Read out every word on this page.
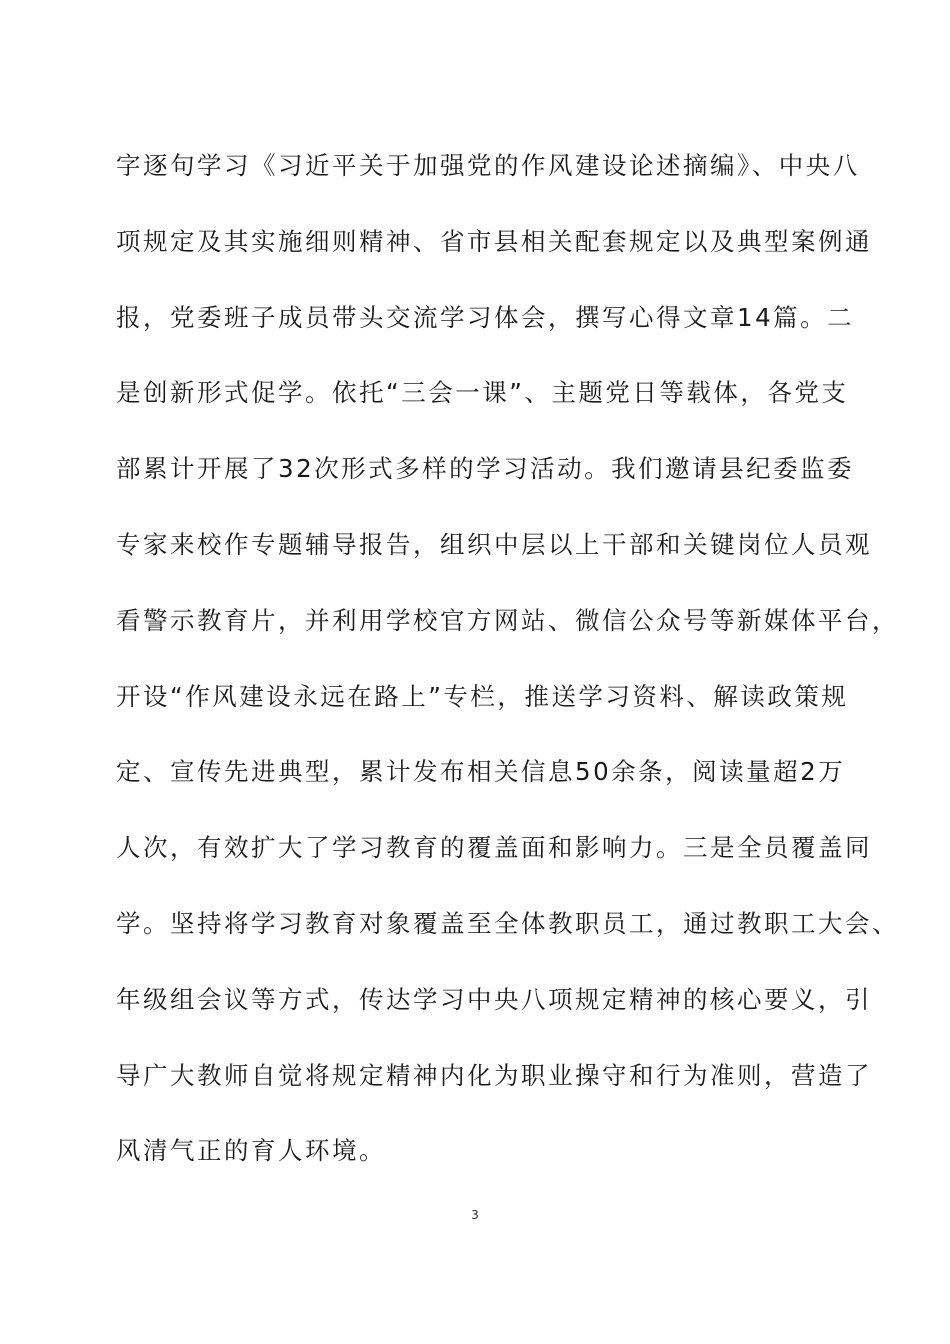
字逐句学习《习近平关于加强党的作风建设论述摘编》、中央八
项规定及其实施细则精神、省市县相关配套规定以及典型案例通
报，党委班子成员带头交流学习体会，撰写心得文章14篇。二
是创新形式促学。依托“三会一课”、主题党日等载体，各党支
部累计开展了32次形式多样的学习活动。我们邀请县纪委监委
专家来校作专题辅导报告，组织中层以上干部和关键岗位人员观
看警示教育片，并利用学校官方网站、微信公众号等新媒体平台，
开设“作风建设永远在路上”专栏，推送学习资料、解读政策规
定、宣传先进典型，累计发布相关信息50余条，阅读量超2万
人次，有效扩大了学习教育的覆盖面和影响力。三是全员覆盖同
学。坚持将学习教育对象覆盖至全体教职员工，通过教职工大会、
年级组会议等方式，传达学习中央八项规定精神的核心要义，引
导广大教师自觉将规定精神内化为职业操守和行为准则，营造了
风清气正的育人环境。
3
